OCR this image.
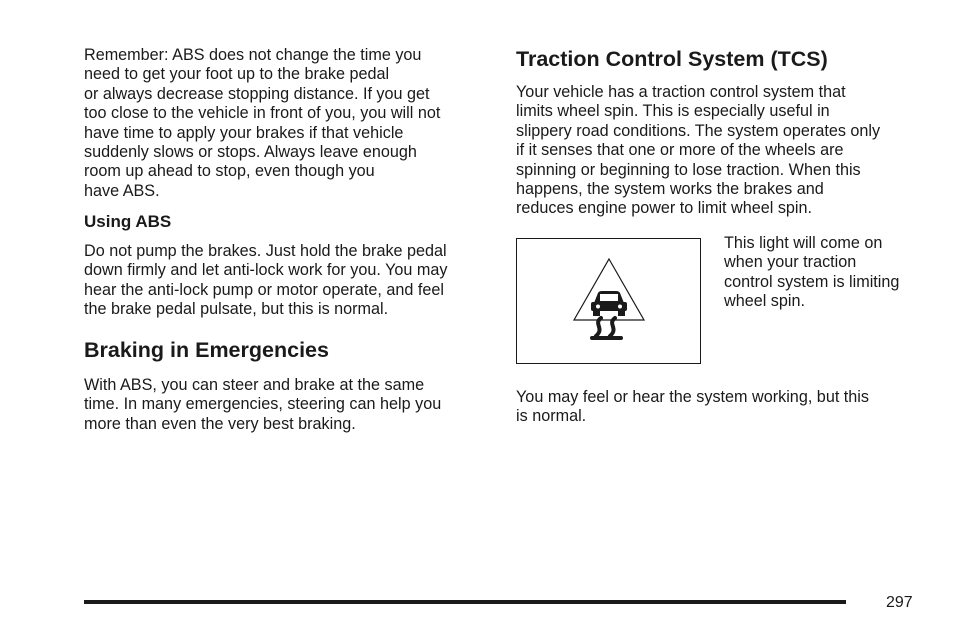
Remember: ABS does not change the time you
need to get your foot up to the brake pedal
or always decrease stopping distance. If you get
too close to the vehicle in front of you, you will not
have time to apply your brakes if that vehicle
suddenly slows or stops. Always leave enough
room up ahead to stop, even though you
have ABS.
Using ABS
Do not pump the brakes. Just hold the brake pedal
down firmly and let anti-lock work for you. You may
hear the anti-lock pump or motor operate, and feel
the brake pedal pulsate, but this is normal.
Braking in Emergencies
With ABS, you can steer and brake at the same
time. In many emergencies, steering can help you
more than even the very best braking.
Traction Control System (TCS)
Your vehicle has a traction control system that
limits wheel spin. This is especially useful in
slippery road conditions. The system operates only
if it senses that one or more of the wheels are
spinning or beginning to lose traction. When this
happens, the system works the brakes and
reduces engine power to limit wheel spin.
This light will come on
when your traction
control system is limiting
wheel spin.
You may feel or hear the system working, but this
is normal.
297
